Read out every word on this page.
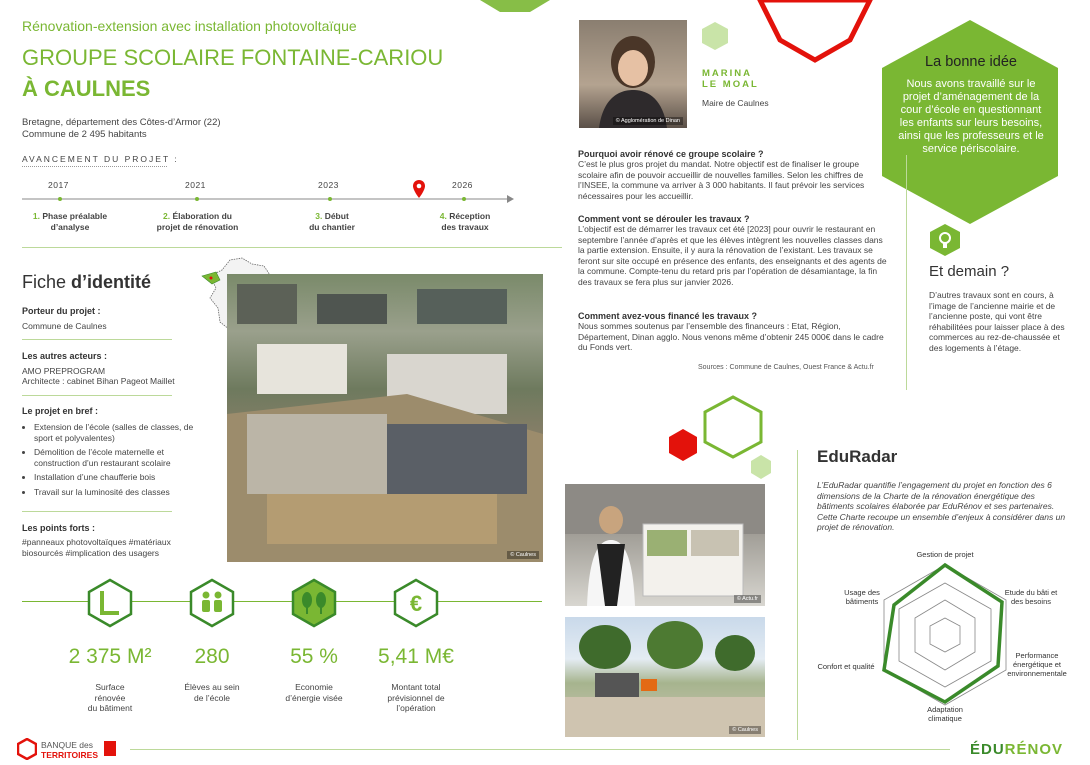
Rénovation-extension avec installation photovoltaïque
GROUPE SCOLAIRE FONTAINE-CARIOU
À CAULNES
Bretagne, département des Côtes-d’Armor (22)
Commune de 2 495 habitants
AVANCEMENT DU PROJET :
2017	2021	2023	2026
1. Phase préalable
d’analyse
2. Élaboration du
projet de rénovation
3. Début
du chantier
4. Réception
des travaux
Fiche d’identité
Porteur du projet :
Commune de Caulnes
Les autres acteurs :
AMO PREPROGRAM
Architecte : cabinet Bihan Pageot Maillet
Le projet en bref :
• Extension de l’école (salles de classes, de sport et polyvalentes)
• Démolition de l’école maternelle et construction d’un restaurant scolaire
• Installation d’une chaufferie bois
• Travail sur la luminosité des classes
Les points forts :
#panneaux photovoltaïques #matériaux biosourcés #implication des usagers	© Caulnes
€
2 375 M²	280	55 %	5,41 M€
Surface
rénovée
du bâtiment
Élèves au sein
de l’école
Economie
d’énergie visée
Montant total
prévisionnel de
l’opération
© Agglomération de Dinan
MARINA
LE MOAL
Maire de Caulnes
Pourquoi avoir rénové ce groupe scolaire ?
C’est le plus gros projet du mandat. Notre objectif est de finaliser le groupe scolaire afin de pouvoir accueillir de nouvelles familles. Selon les chiffres de l’INSEE, la commune va arriver à 3 000 habitants. Il faut prévoir les services nécessaires pour les accueillir.
Comment vont se dérouler les travaux ?
L’objectif est de démarrer les travaux cet été [2023] pour ouvrir le restaurant en septembre l’année d’après et que les élèves intègrent les nouvelles classes dans la partie extension. Ensuite, il y aura la rénovation de l’existant. Les travaux se feront sur site occupé en présence des enfants, des enseignants et des agents de la commune. Compte-tenu du retard pris par l’opération de désamiantage, la fin des travaux se fera plus sur janvier 2026.
Comment avez-vous financé les travaux ?
Nous sommes soutenus par l’ensemble des financeurs : Etat, Région, Département, Dinan agglo. Nous venons même d’obtenir 245 000€ dans le cadre du Fonds vert.
Sources : Commune de Caulnes, Ouest France & Actu.fr
La bonne idée
Nous avons travaillé sur le projet d’aménagement de la cour d’école en questionnant les enfants sur leurs besoins, ainsi que les professeurs et le service périscolaire.
Et demain ?
D’autres travaux sont en cours, à l’image de l’ancienne mairie et de l’ancienne poste, qui vont être réhabilitées pour laisser place à des commerces au rez-de-chaussée et des logements à l’étage.
© Actu.fr
© Caulnes
EduRadar
L’EduRadar quantifie l’engagement du projet en fonction des 6 dimensions de la Charte de la rénovation énergétique des bâtiments scolaires élaborée par EduRénov et ses partenaires. Cette Charte recoupe un ensemble d’enjeux à considérer dans un projet de rénovation.
Gestion de projet
Etude du bâti et
des besoins
Performance
énergétique et
environnementale
Adaptation
climatique
Confort et qualité
Usage des
bâtiments
BANQUE des
TERRITOIRES	ÉDURÉNOV
